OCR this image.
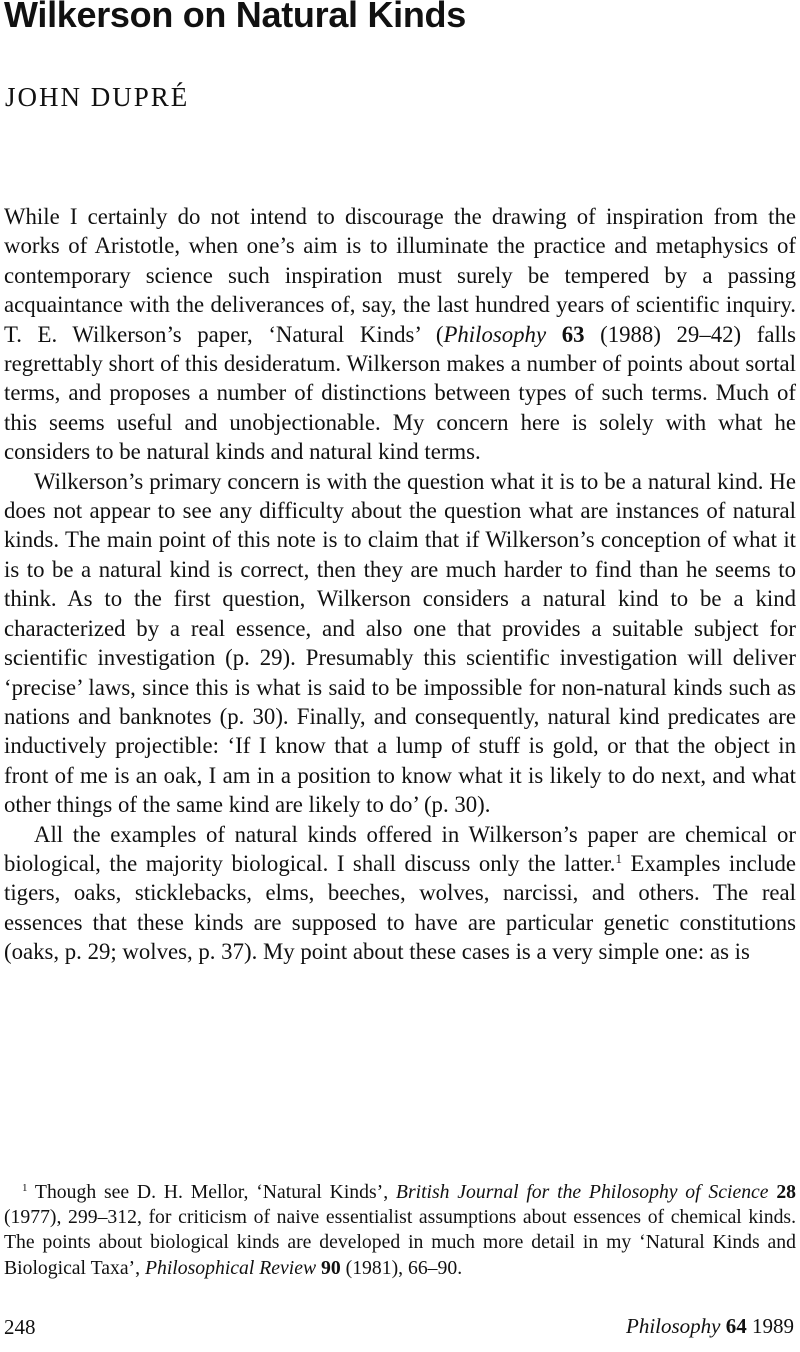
Wilkerson on Natural Kinds

JOHN DUPRÉ

While I certainly do not intend to discourage the drawing of inspiration from the works of Aristotle, when one’s aim is to illuminate the practice and metaphysics of contemporary science such inspiration must surely be tempered by a passing acquaintance with the deliverances of, say, the last hundred years of scientific inquiry. T. E. Wilkerson’s paper, ‘Natural Kinds’ (Philosophy 63 (1988) 29–42) falls regrettably short of this desideratum. Wilkerson makes a number of points about sortal terms, and proposes a number of distinctions between types of such terms. Much of this seems useful and unobjectionable. My concern here is solely with what he considers to be natural kinds and natural kind terms.

Wilkerson’s primary concern is with the question what it is to be a natural kind. He does not appear to see any difficulty about the question what are instances of natural kinds. The main point of this note is to claim that if Wilkerson’s conception of what it is to be a natural kind is correct, then they are much harder to find than he seems to think. As to the first question, Wilkerson considers a natural kind to be a kind characterized by a real essence, and also one that provides a suitable subject for scientific investigation (p. 29). Presumably this scientific investigation will deliver ‘precise’ laws, since this is what is said to be impossible for non-natural kinds such as nations and banknotes (p. 30). Finally, and consequently, natural kind predicates are inductively projectible: ‘If I know that a lump of stuff is gold, or that the object in front of me is an oak, I am in a position to know what it is likely to do next, and what other things of the same kind are likely to do’ (p. 30).

All the examples of natural kinds offered in Wilkerson’s paper are chemical or biological, the majority biological. I shall discuss only the latter.$^1$ Examples include tigers, oaks, sticklebacks, elms, beeches, wolves, narcissi, and others. The real essences that these kinds are supposed to have are particular genetic constitutions (oaks, p. 29; wolves, p. 37). My point about these cases is a very simple one: as is

$^1$ Though see D. H. Mellor, ‘Natural Kinds’, British Journal for the Philosophy of Science 28 (1977), 299–312, for criticism of naive essentialist assumptions about essences of chemical kinds. The points about biological kinds are developed in much more detail in my ‘Natural Kinds and Biological Taxa’, Philosophical Review 90 (1981), 66–90.

248	Philosophy 64 1989
